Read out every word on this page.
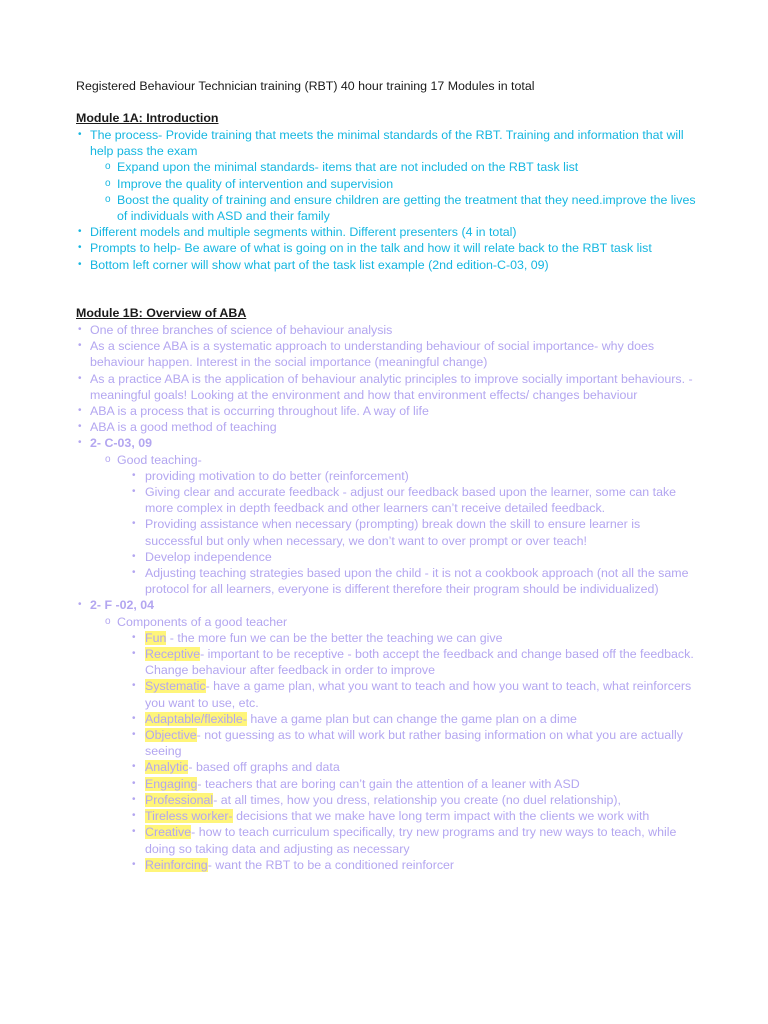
Registered Behaviour Technician training (RBT) 40 hour training 17 Modules in total
Module 1A: Introduction
• The process- Provide training that meets the minimal standards of the RBT. Training and information that will help pass the exam
o Expand upon the minimal standards- items that are not included on the RBT task list
o Improve the quality of intervention and supervision
o Boost the quality of training and ensure children are getting the treatment that they need.improve the lives of individuals with ASD and their family
• Different models and multiple segments within. Different presenters (4 in total)
• Prompts to help- Be aware of what is going on in the talk and how it will relate back to the RBT task list
• Bottom left corner will show what part of the task list example (2nd edition-C-03, 09)
Module 1B: Overview of ABA
• One of three branches of science of behaviour analysis
• As a science ABA is a systematic approach to understanding behaviour of social importance- why does behaviour happen. Interest in the social importance (meaningful change)
• As a practice ABA is the application of behaviour analytic principles to improve socially important behaviours. - meaningful goals! Looking at the environment and how that environment effects/ changes behaviour
• ABA is a process that is occurring throughout life. A way of life
• ABA is a good method of teaching
• 2- C-03, 09
o Good teaching-
• providing motivation to do better (reinforcement)
• Giving clear and accurate feedback - adjust our feedback based upon the learner, some can take more complex in depth feedback and other learners can’t receive detailed feedback.
• Providing assistance when necessary (prompting) break down the skill to ensure learner is successful but only when necessary, we don’t want to over prompt or over teach!
• Develop independence
• Adjusting teaching strategies based upon the child - it is not a cookbook approach (not all the same protocol for all learners, everyone is different therefore their program should be individualized)
• 2- F -02, 04
o Components of a good teacher
• Fun - the more fun we can be the better the teaching we can give
• Receptive- important to be receptive - both accept the feedback and change based off the feedback. Change behaviour after feedback in order to improve
• Systematic- have a game plan, what you want to teach and how you want to teach, what reinforcers you want to use, etc.
• Adaptable/flexible- have a game plan but can change the game plan on a dime
• Objective- not guessing as to what will work but rather basing information on what you are actually seeing
• Analytic- based off graphs and data
• Engaging- teachers that are boring can’t gain the attention of a leaner with ASD
• Professional- at all times, how you dress, relationship you create (no duel relationship),
• Tireless worker- decisions that we make have long term impact with the clients we work with
• Creative- how to teach curriculum specifically, try new programs and try new ways to teach, while doing so taking data and adjusting as necessary
• Reinforcing- want the RBT to be a conditioned reinforcer
